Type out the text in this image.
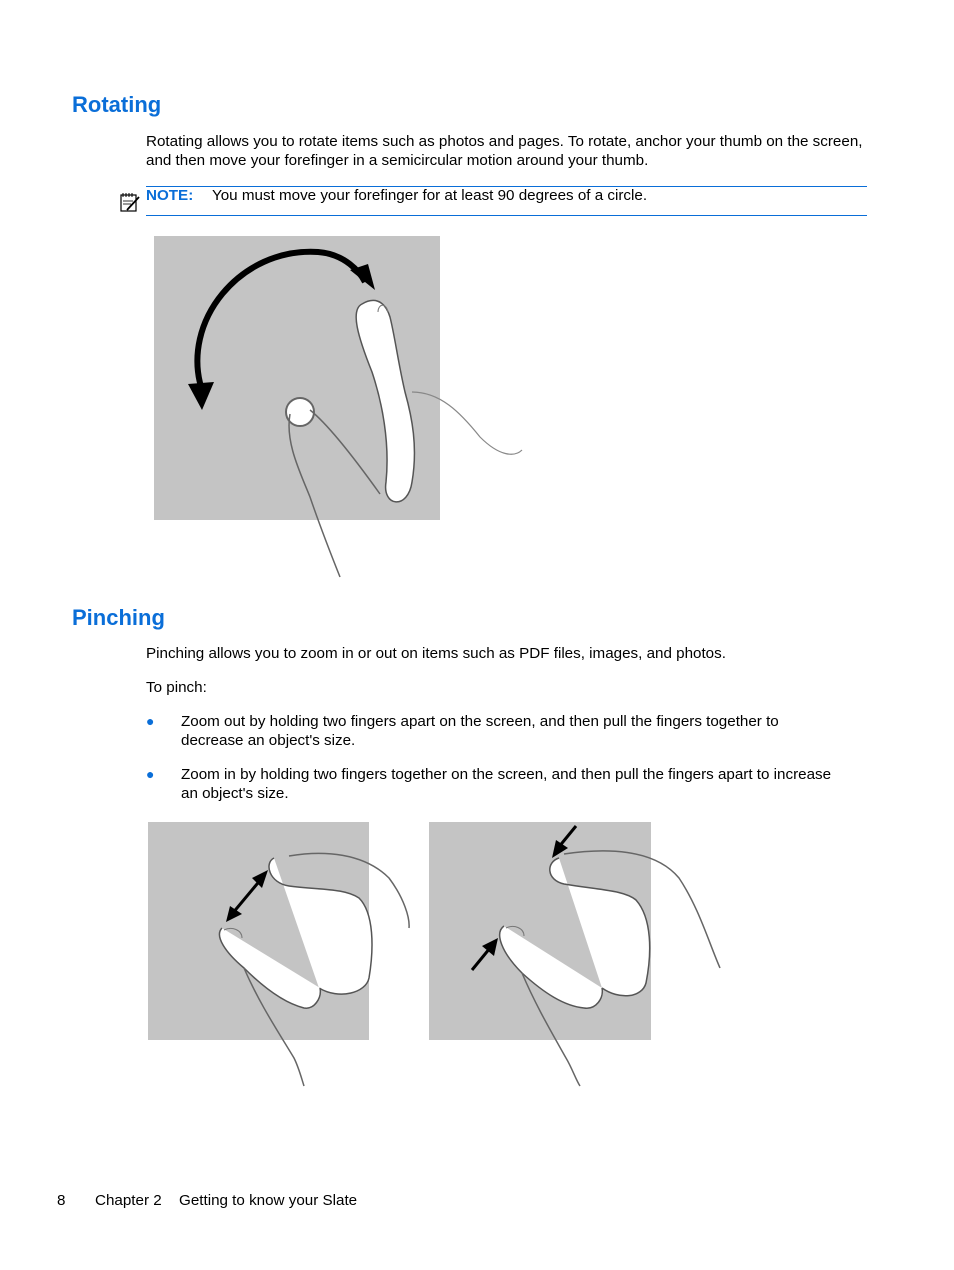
Rotating

Rotating allows you to rotate items such as photos and pages. To rotate, anchor your thumb on the screen, and then move your forefinger in a semicircular motion around your thumb.

NOTE: You must move your forefinger for at least 90 degrees of a circle.
Pinching

Pinching allows you to zoom in or out on items such as PDF files, images, and photos.

To pinch:

● Zoom out by holding two fingers apart on the screen, and then pull the fingers together to decrease an object's size.

● Zoom in by holding two fingers together on the screen, and then pull the fingers apart to increase an object's size.

8 Chapter 2 Getting to know your Slate
